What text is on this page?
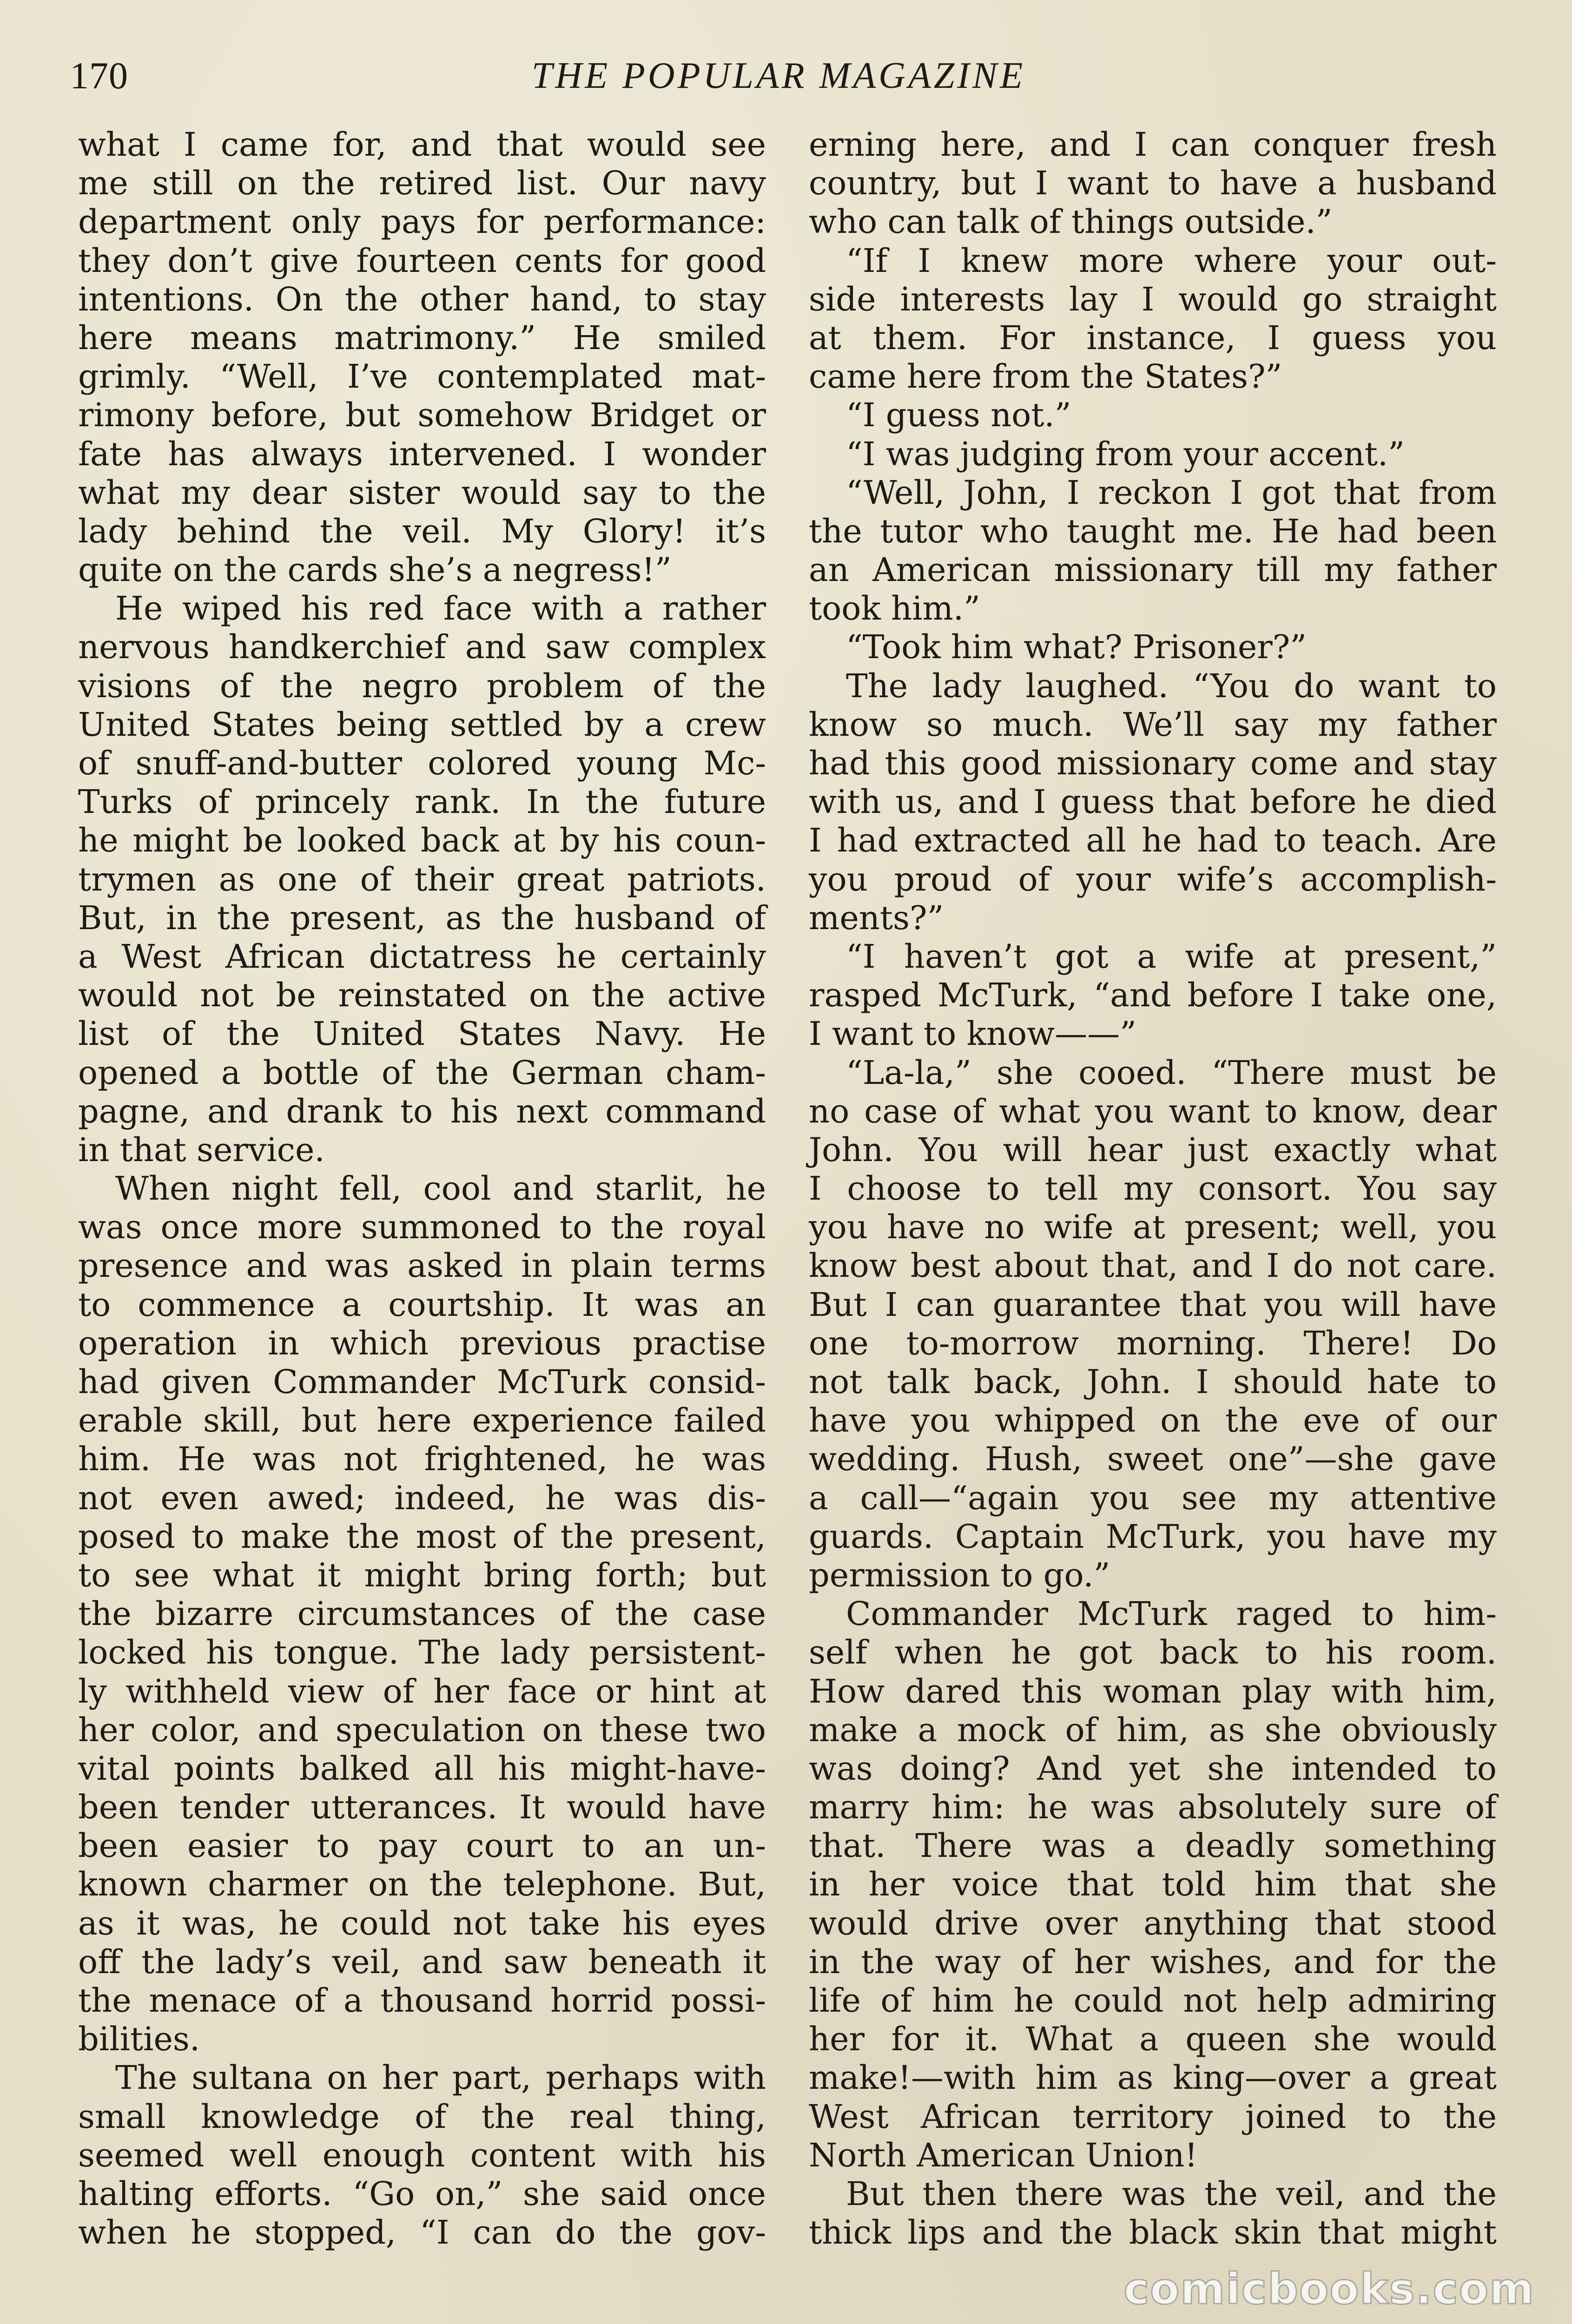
170	THE POPULAR MAGAZINE
what I came for, and that would see
me still on the retired list. Our navy
department only pays for performance:
they don’t give fourteen cents for good
intentions. On the other hand, to stay
here means matrimony.” He smiled
grimly. “Well, I’ve contemplated mat-
rimony before, but somehow Bridget or
fate has always intervened. I wonder
what my dear sister would say to the
lady behind the veil. My Glory! it’s
quite on the cards she’s a negress!”
He wiped his red face with a rather
nervous handkerchief and saw complex
visions of the negro problem of the
United States being settled by a crew
of snuff-and-butter colored young Mc-
Turks of princely rank. In the future
he might be looked back at by his coun-
trymen as one of their great patriots.
But, in the present, as the husband of
a West African dictatress he certainly
would not be reinstated on the active
list of the United States Navy. He
opened a bottle of the German cham-
pagne, and drank to his next command
in that service.
When night fell, cool and starlit, he
was once more summoned to the royal
presence and was asked in plain terms
to commence a courtship. It was an
operation in which previous practise
had given Commander McTurk consid-
erable skill, but here experience failed
him. He was not frightened, he was
not even awed; indeed, he was dis-
posed to make the most of the present,
to see what it might bring forth; but
the bizarre circumstances of the case
locked his tongue. The lady persistent-
ly withheld view of her face or hint at
her color, and speculation on these two
vital points balked all his might-have-
been tender utterances. It would have
been easier to pay court to an un-
known charmer on the telephone. But,
as it was, he could not take his eyes
off the lady’s veil, and saw beneath it
the menace of a thousand horrid possi-
bilities.
The sultana on her part, perhaps with
small knowledge of the real thing,
seemed well enough content with his
halting efforts. “Go on,” she said once
when he stopped, “I can do the gov-
erning here, and I can conquer fresh
country, but I want to have a husband
who can talk of things outside.”
“If I knew more where your out-
side interests lay I would go straight
at them. For instance, I guess you
came here from the States?”
“I guess not.”
“I was judging from your accent.”
“Well, John, I reckon I got that from
the tutor who taught me. He had been
an American missionary till my father
took him.”
“Took him what? Prisoner?”
The lady laughed. “You do want to
know so much. We’ll say my father
had this good missionary come and stay
with us, and I guess that before he died
I had extracted all he had to teach. Are
you proud of your wife’s accomplish-
ments?”
“I haven’t got a wife at present,”
rasped McTurk, “and before I take one,
I want to know——”
“La-la,” she cooed. “There must be
no case of what you want to know, dear
John. You will hear just exactly what
I choose to tell my consort. You say
you have no wife at present; well, you
know best about that, and I do not care.
But I can guarantee that you will have
one to-morrow morning. There! Do
not talk back, John. I should hate to
have you whipped on the eve of our
wedding. Hush, sweet one”—she gave
a call—“again you see my attentive
guards. Captain McTurk, you have my
permission to go.”
Commander McTurk raged to him-
self when he got back to his room.
How dared this woman play with him,
make a mock of him, as she obviously
was doing? And yet she intended to
marry him: he was absolutely sure of
that. There was a deadly something
in her voice that told him that she
would drive over anything that stood
in the way of her wishes, and for the
life of him he could not help admiring
her for it. What a queen she would
make!—with him as king—over a great
West African territory joined to the
North American Union!
But then there was the veil, and the
thick lips and the black skin that might
comicbooks.com
